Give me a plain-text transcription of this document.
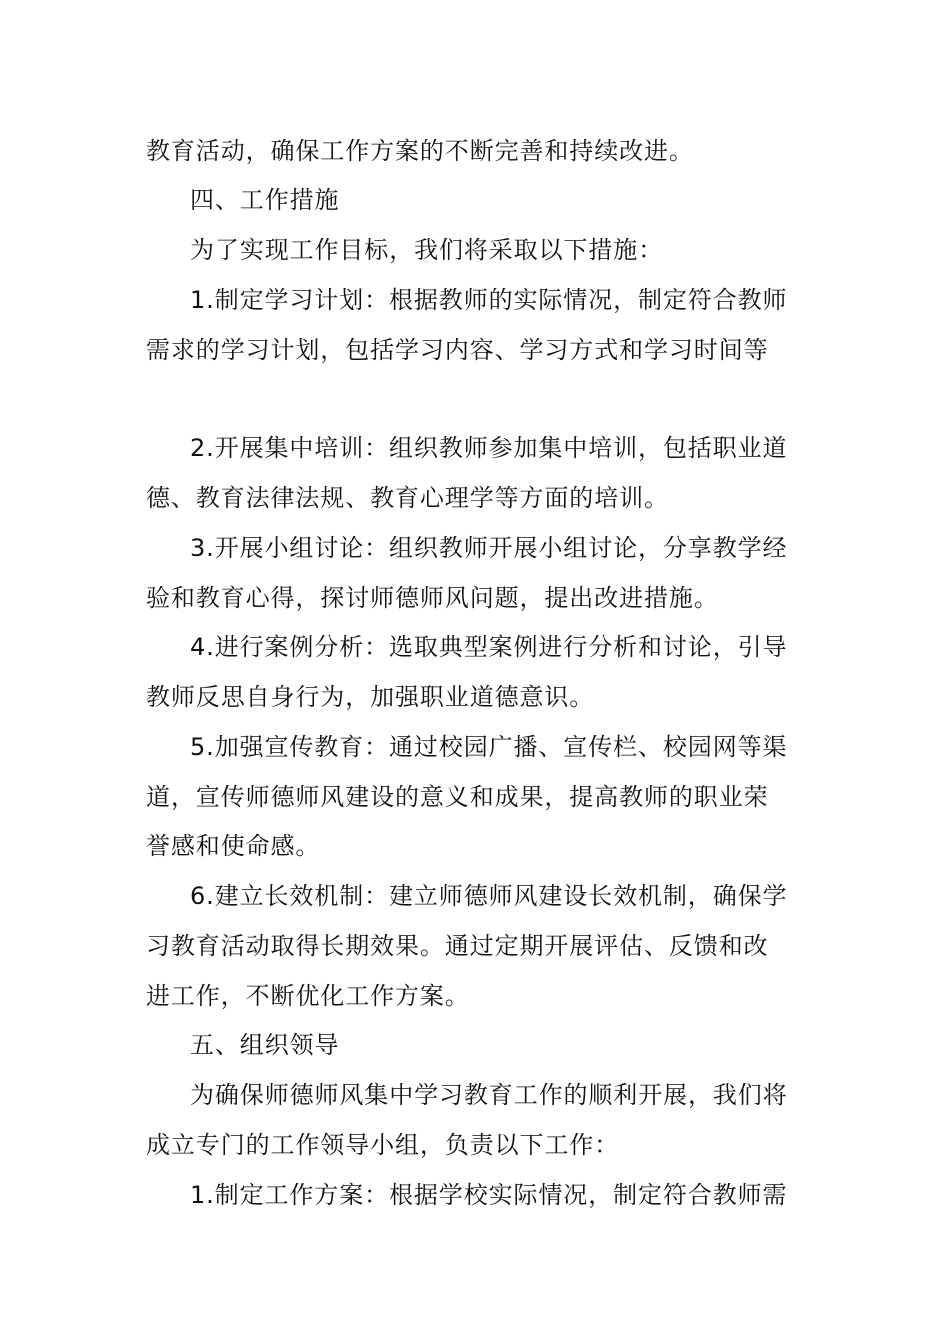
教育活动，确保工作方案的不断完善和持续改进。
四、工作措施
为了实现工作目标，我们将采取以下措施：
1.制定学习计划：根据教师的实际情况，制定符合教师
需求的学习计划，包括学习内容、学习方式和学习时间等
2.开展集中培训：组织教师参加集中培训，包括职业道
德、教育法律法规、教育心理学等方面的培训。
3.开展小组讨论：组织教师开展小组讨论，分享教学经
验和教育心得，探讨师德师风问题，提出改进措施。
4.进行案例分析：选取典型案例进行分析和讨论，引导
教师反思自身行为，加强职业道德意识。
5.加强宣传教育：通过校园广播、宣传栏、校园网等渠
道，宣传师德师风建设的意义和成果，提高教师的职业荣
誉感和使命感。
6.建立长效机制：建立师德师风建设长效机制，确保学
习教育活动取得长期效果。通过定期开展评估、反馈和改
进工作，不断优化工作方案。
五、组织领导
为确保师德师风集中学习教育工作的顺利开展，我们将
成立专门的工作领导小组，负责以下工作：
1.制定工作方案：根据学校实际情况，制定符合教师需
